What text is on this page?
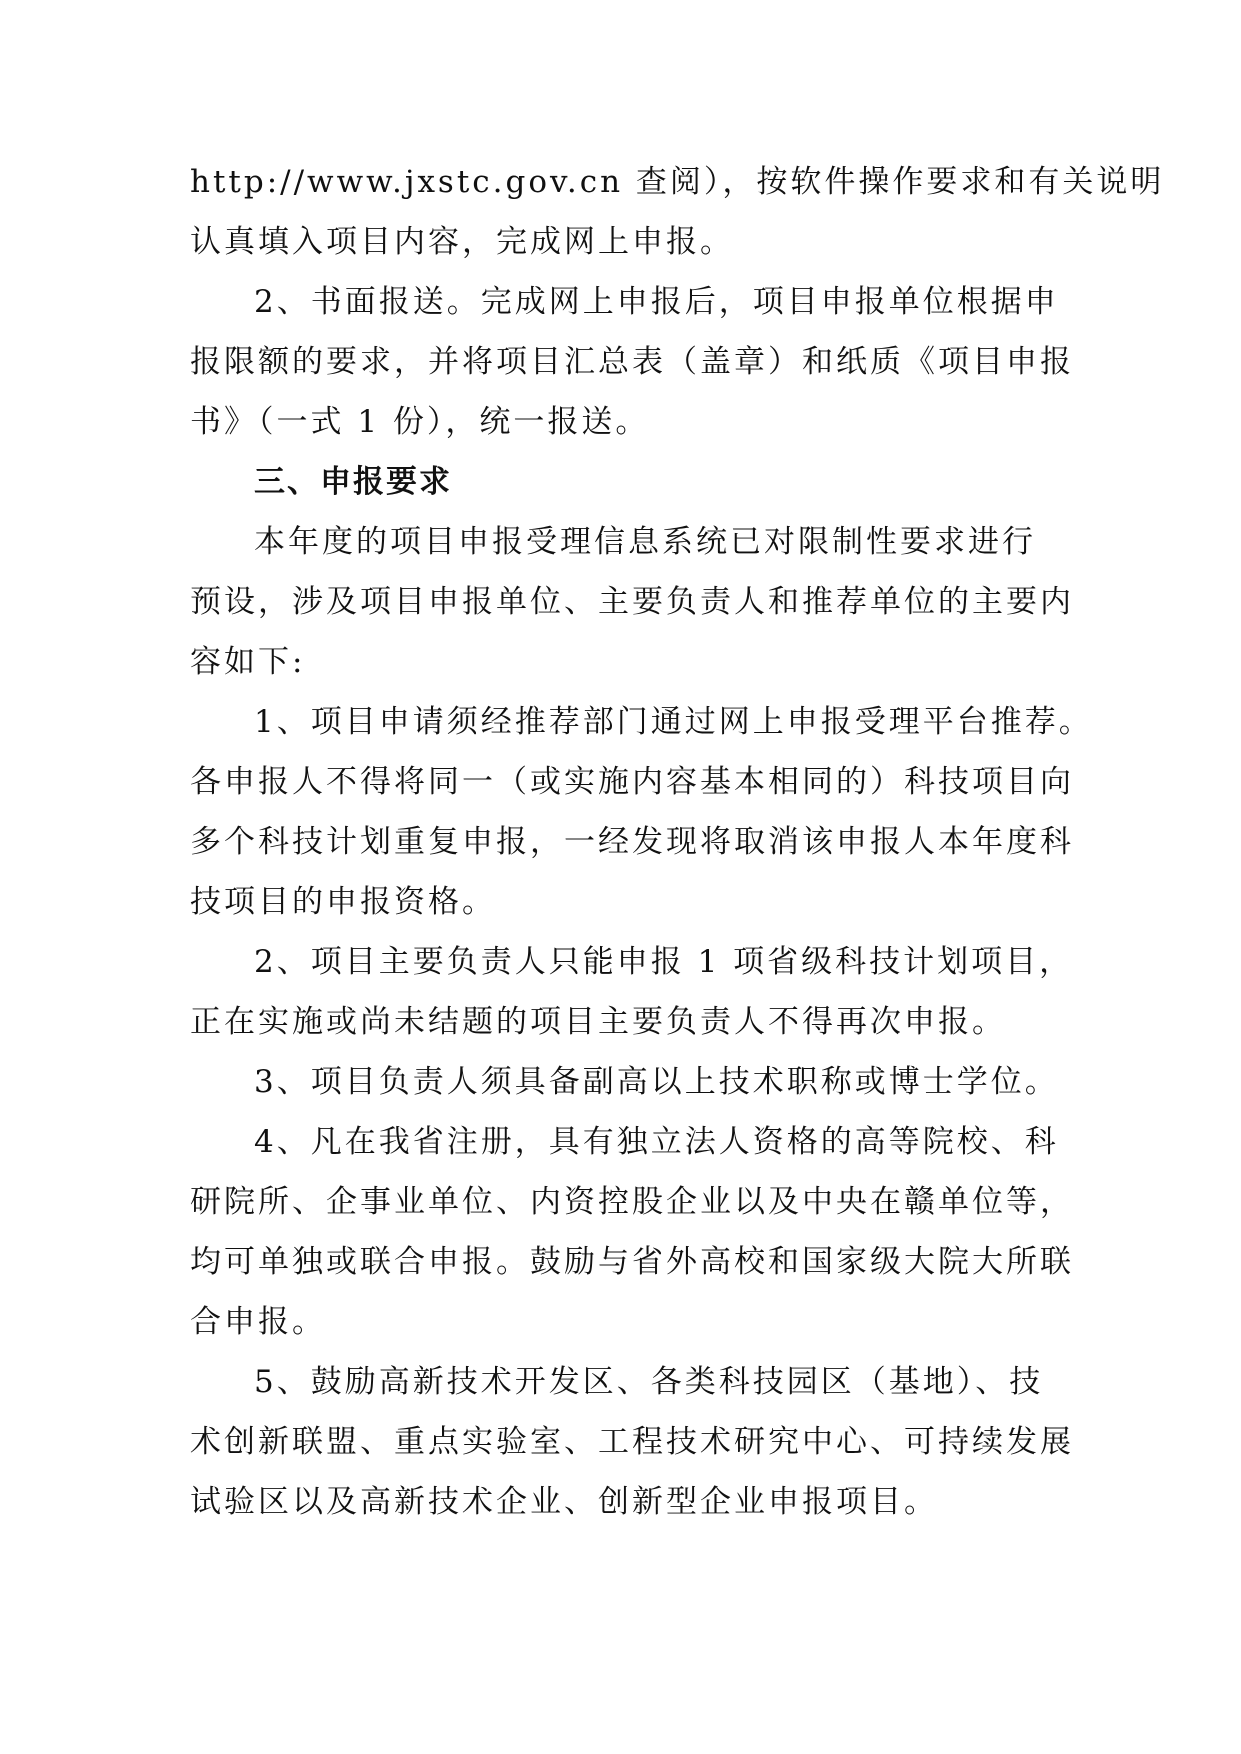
http://www.jxstc.gov.cn 查阅），按软件操作要求和有关说明
认真填入项目内容，完成网上申报。
2、书面报送。完成网上申报后，项目申报单位根据申
报限额的要求，并将项目汇总表（盖章）和纸质《项目申报
书》（一式 1 份），统一报送。
三、申报要求
本年度的项目申报受理信息系统已对限制性要求进行
预设，涉及项目申报单位、主要负责人和推荐单位的主要内
容如下:
1、项目申请须经推荐部门通过网上申报受理平台推荐。
各申报人不得将同一（或实施内容基本相同的）科技项目向
多个科技计划重复申报，一经发现将取消该申报人本年度科
技项目的申报资格。
2、项目主要负责人只能申报 1 项省级科技计划项目，
正在实施或尚未结题的项目主要负责人不得再次申报。
3、项目负责人须具备副高以上技术职称或博士学位。
4、凡在我省注册，具有独立法人资格的高等院校、科
研院所、企事业单位、内资控股企业以及中央在赣单位等，
均可单独或联合申报。鼓励与省外高校和国家级大院大所联
合申报。
5、鼓励高新技术开发区、各类科技园区（基地）、技
术创新联盟、重点实验室、工程技术研究中心、可持续发展
试验区以及高新技术企业、创新型企业申报项目。
